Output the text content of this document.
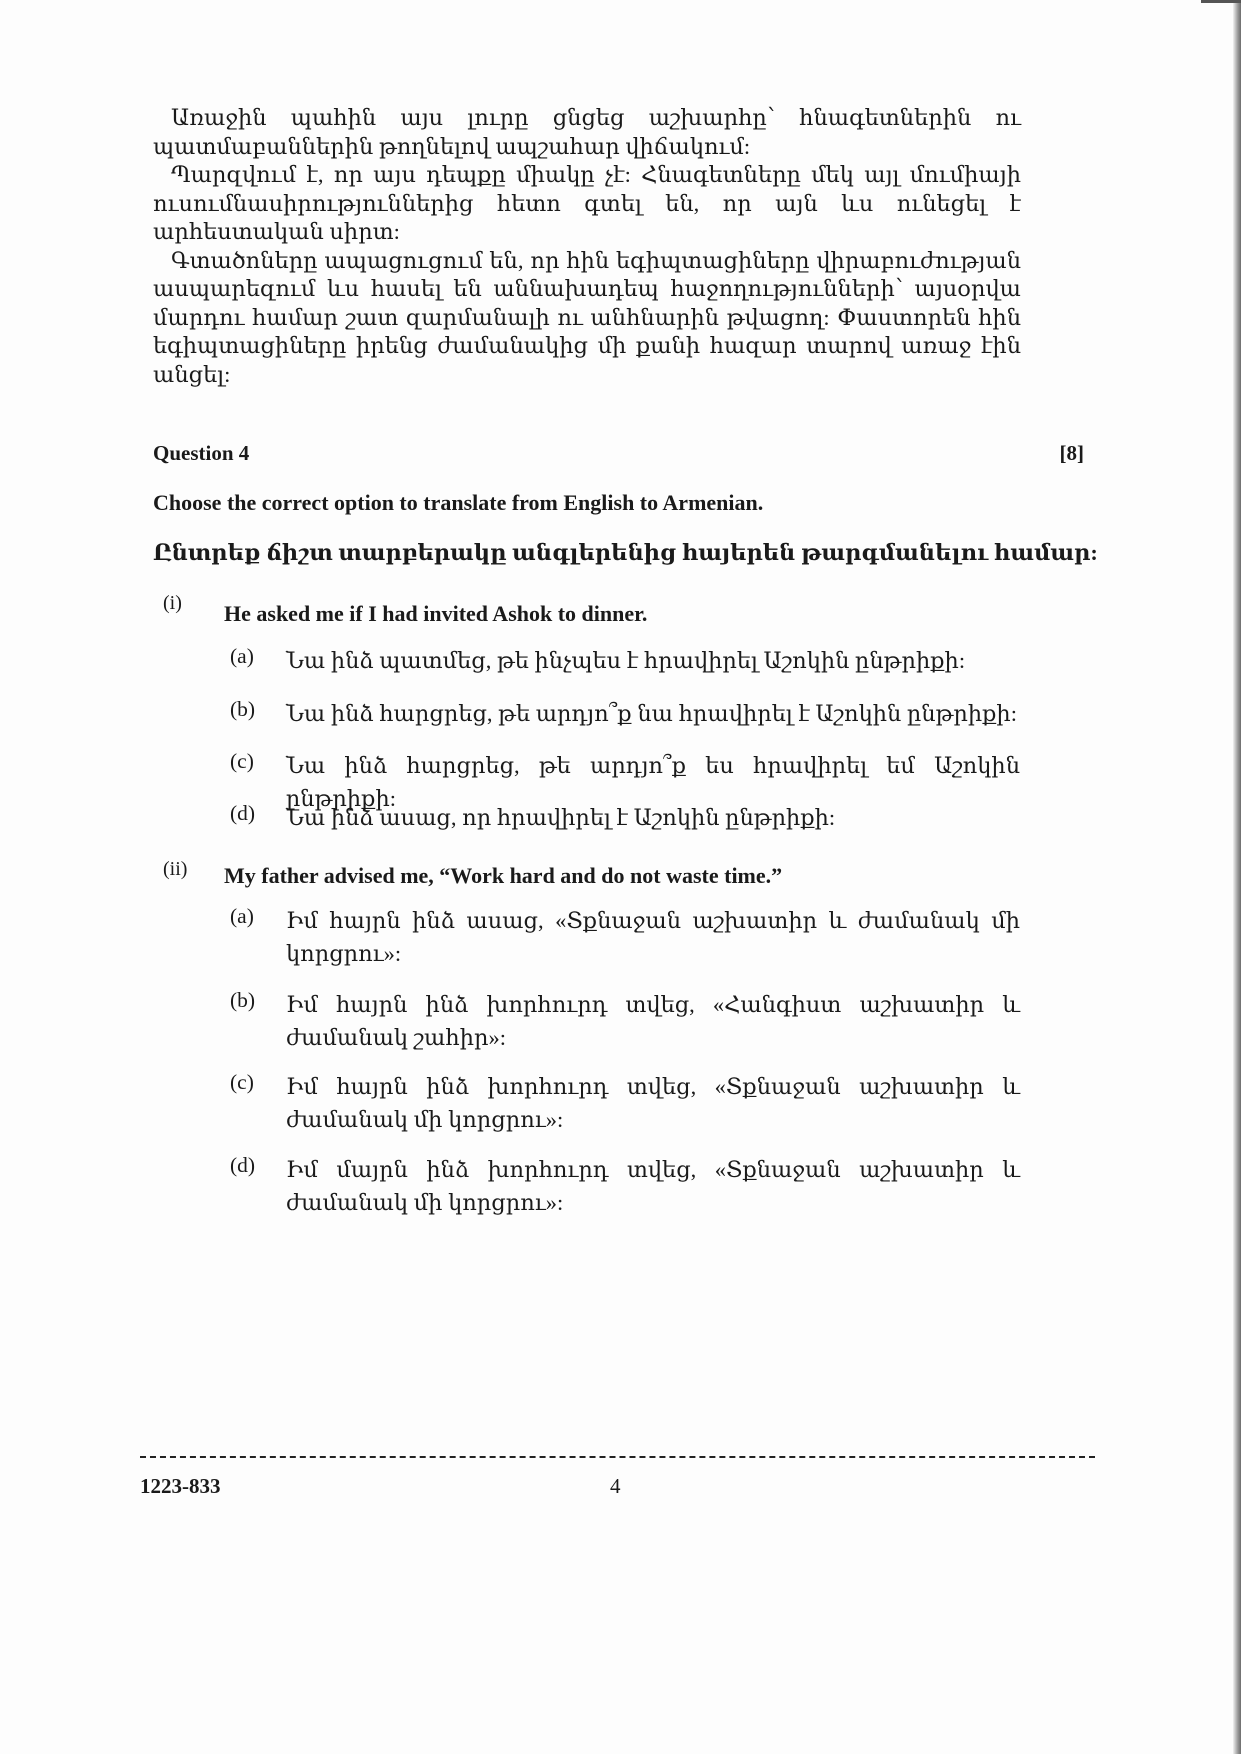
Առաջին պահին այս լուրը ցնցեց աշխարհը՝ հնագետներին ու պատմաբաններին թողնելով ապշահար վիճակում:

Պարզվում է, որ այս դեպքը միակը չէ: Հնագետները մեկ այլ մումիայի ուսումնասիրություններից հետո գտել են, որ այն ևս ունեցել է արհեստական սիրտ:

Գտածոները ապացուցում են, որ հին եգիպտացիները վիրաբուժության ասպարեզում ևս հասել են աննախադեպ հաջողությունների՝ այսօրվա մարդու համար շատ զարմանալի ու անհնարին թվացող: Փաստորեն հին եգիպտացիները իրենց ժամանակից մի քանի հազար տարով առաջ էին անցել:

Question 4	[8]
Choose the correct option to translate from English to Armenian.
Ընտրեք ճիշտ տարբերակը անգլերենից հայերեն թարգմանելու համար:
(i) He asked me if I had invited Ashok to dinner.
(a) Նա ինձ պատմեց, թե ինչպես է հրավիրել Աշոկին ընթրիքի:
(b) Նա ինձ հարցրեց, թե արդյո՞ք նա հրավիրել է Աշոկին ընթրիքի:
(c) Նա ինձ հարցրեց, թե արդյո՞ք ես հրավիրել եմ Աշոկին ընթրիքի:
(d) Նա ինձ ասաց, որ հրավիրել է Աշոկին ընթրիքի:
(ii) My father advised me, “Work hard and do not waste time.”
(a) Իմ հայրն ինձ ասաց, «Տքնաջան աշխատիր և ժամանակ մի կորցրու»:
(b) Իմ հայրն ինձ խորհուրդ տվեց, «Հանգիստ աշխատիր և ժամանակ շահիր»:
(c) Իմ հայրն ինձ խորհուրդ տվեց, «Տքնաջան աշխատիր և ժամանակ մի կորցրու»:
(d) Իմ մայրն ինձ խորհուրդ տվեց, «Տքնաջան աշխատիր և ժամանակ մի կորցրու»:
1223-833	4
